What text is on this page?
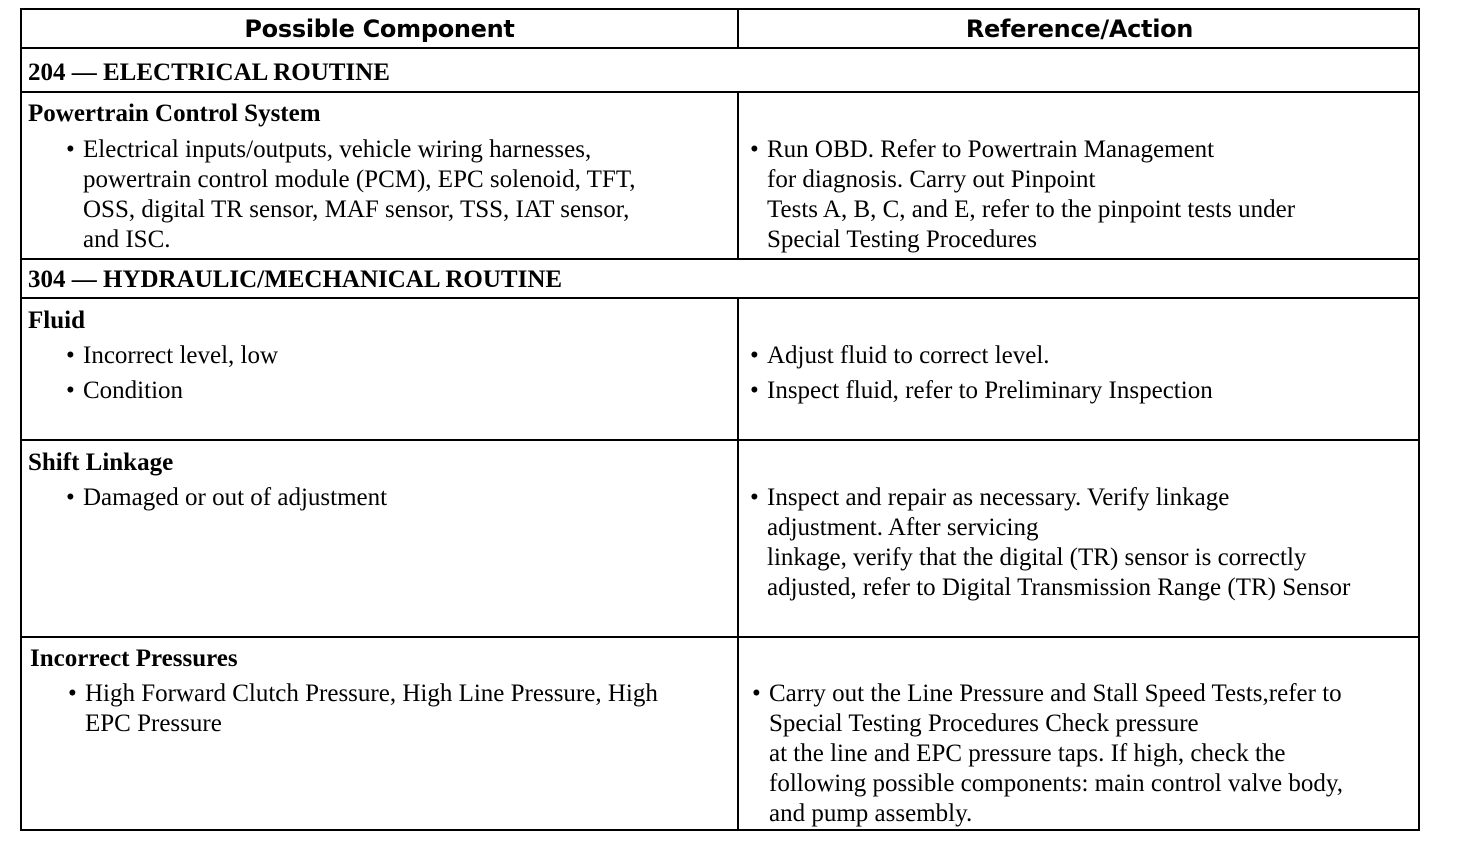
Possible Component	Reference/Action
204 — ELECTRICAL ROUTINE
Powertrain Control System
• Electrical inputs/outputs, vehicle wiring harnesses,
powertrain control module (PCM), EPC solenoid, TFT,
OSS, digital TR sensor, MAF sensor, TSS, IAT sensor,
and ISC.
• Run OBD. Refer to Powertrain Management
for diagnosis. Carry out Pinpoint
Tests A, B, C, and E, refer to the pinpoint tests under
Special Testing Procedures
304 — HYDRAULIC/MECHANICAL ROUTINE
Fluid
• Incorrect level, low
• Condition
• Adjust fluid to correct level.
• Inspect fluid, refer to Preliminary Inspection
Shift Linkage
• Damaged or out of adjustment	• Inspect and repair as necessary. Verify linkage
adjustment. After servicing
linkage, verify that the digital (TR) sensor is correctly
adjusted, refer to Digital Transmission Range (TR) Sensor
Incorrect Pressures
• High Forward Clutch Pressure, High Line Pressure, High
EPC Pressure
• Carry out the Line Pressure and Stall Speed Tests,refer to
Special Testing Procedures Check pressure
at the line and EPC pressure taps. If high, check the
following possible components: main control valve body,
and pump assembly.
